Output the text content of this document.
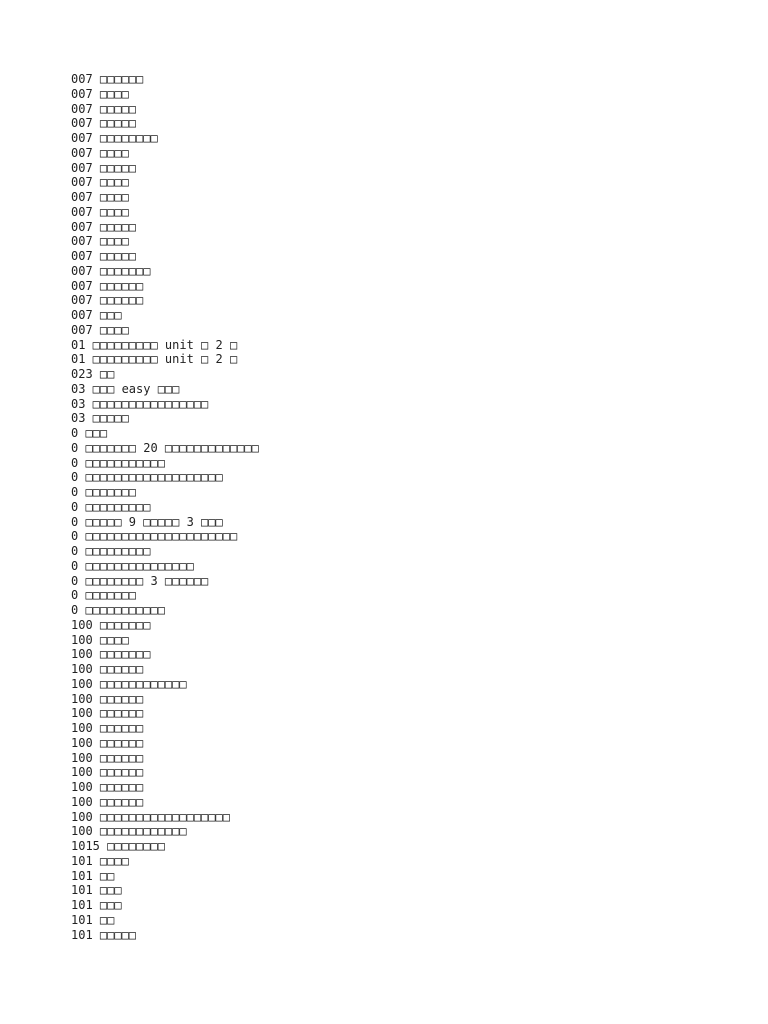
007 □□□□□□
007 □□□□
007 □□□□□
007 □□□□□
007 □□□□□□□□
007 □□□□
007 □□□□□
007 □□□□
007 □□□□
007 □□□□
007 □□□□□
007 □□□□
007 □□□□□
007 □□□□□□□
007 □□□□□□
007 □□□□□□
007 □□□
007 □□□□
01 □□□□□□□□□ unit □ 2 □
01 □□□□□□□□□ unit □ 2 □
023 □□
03 □□□ easy □□□
03 □□□□□□□□□□□□□□□□
03 □□□□□
0 □□□
0 □□□□□□□ 20 □□□□□□□□□□□□□
0 □□□□□□□□□□□
0 □□□□□□□□□□□□□□□□□□□
0 □□□□□□□
0 □□□□□□□□□
0 □□□□□ 9 □□□□□ 3 □□□
0 □□□□□□□□□□□□□□□□□□□□□
0 □□□□□□□□□
0 □□□□□□□□□□□□□□□
0 □□□□□□□□ 3 □□□□□□
0 □□□□□□□
0 □□□□□□□□□□□
100 □□□□□□□
100 □□□□
100 □□□□□□□
100 □□□□□□
100 □□□□□□□□□□□□
100 □□□□□□
100 □□□□□□
100 □□□□□□
100 □□□□□□
100 □□□□□□
100 □□□□□□
100 □□□□□□
100 □□□□□□
100 □□□□□□□□□□□□□□□□□□
100 □□□□□□□□□□□□
1015 □□□□□□□□
101 □□□□
101 □□
101 □□□
101 □□□
101 □□
101 □□□□□
